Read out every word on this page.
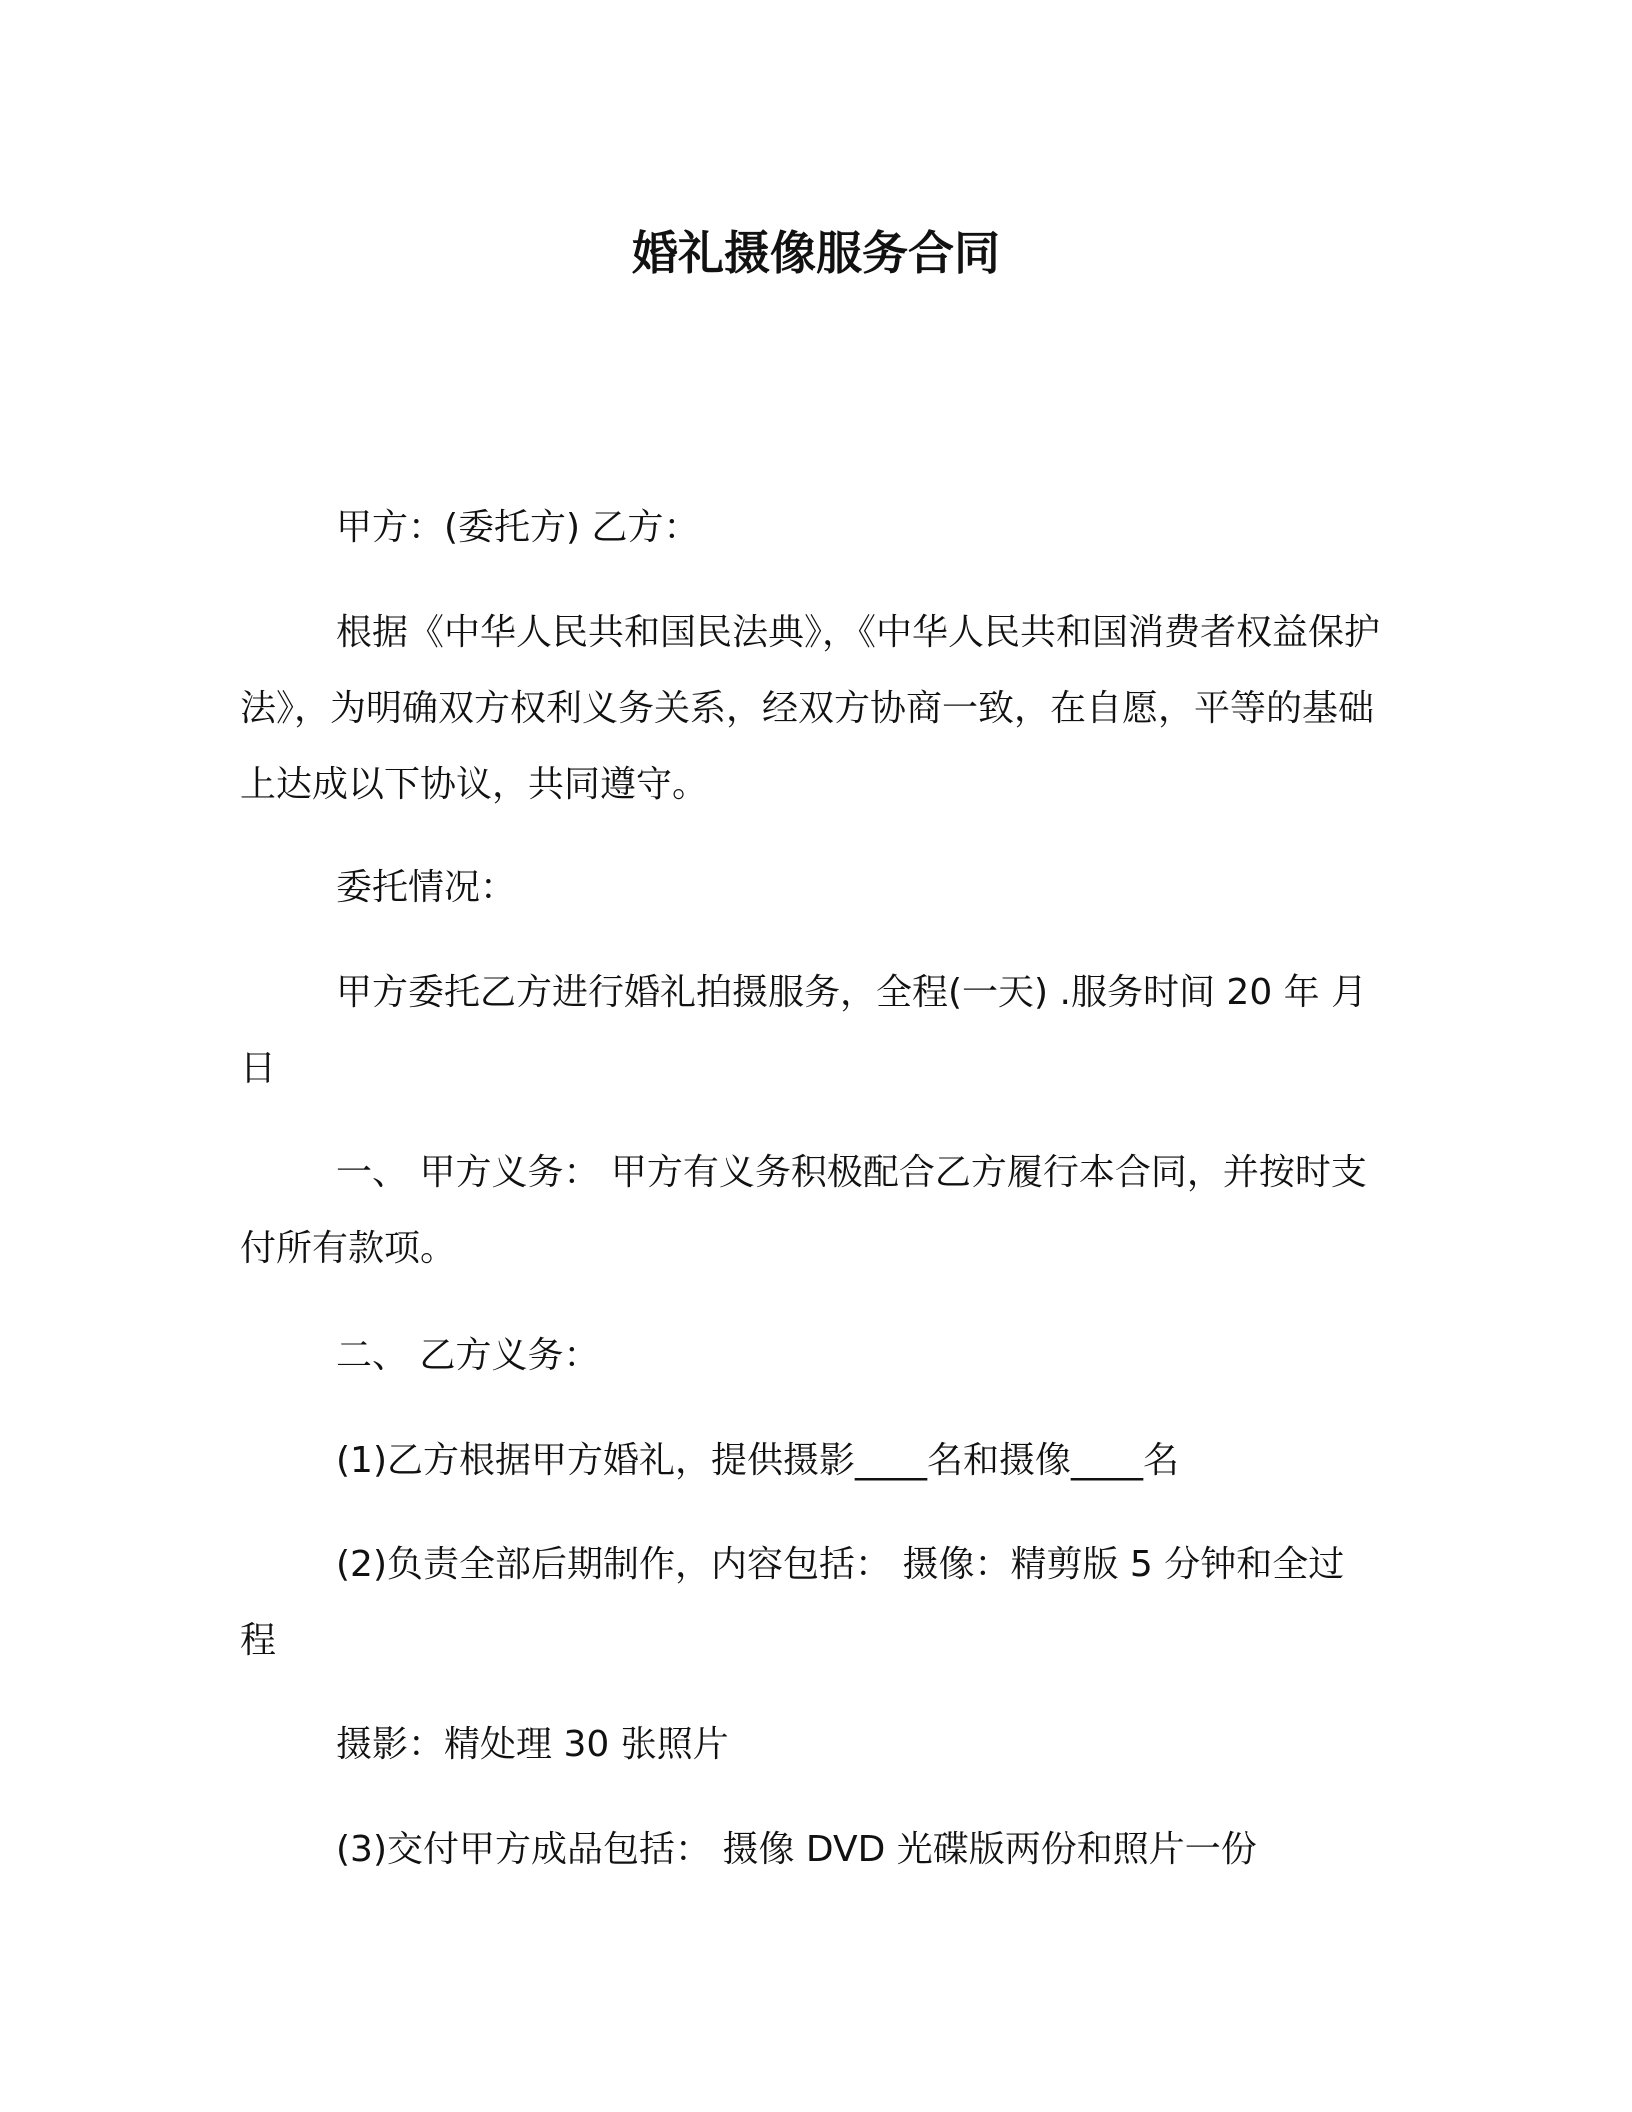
婚礼摄像服务合同

甲方：(委托方) 乙方：

根据《中华人民共和国民法典》，《中华人民共和国消费者权益保护法》，为明确双方权利义务关系，经双方协商一致，在自愿，平等的基础上达成以下协议，共同遵守。

委托情况：

甲方委托乙方进行婚礼拍摄服务，全程(一天) .服务时间 20 年 月 日

一、 甲方义务： 甲方有义务积极配合乙方履行本合同，并按时支付所有款项。

二、 乙方义务：

(1)乙方根据甲方婚礼，提供摄影____名和摄像____名

(2)负责全部后期制作，内容包括： 摄像：精剪版 5 分钟和全过程

摄影：精处理 30 张照片

(3)交付甲方成品包括： 摄像 DVD 光碟版两份和照片一份
